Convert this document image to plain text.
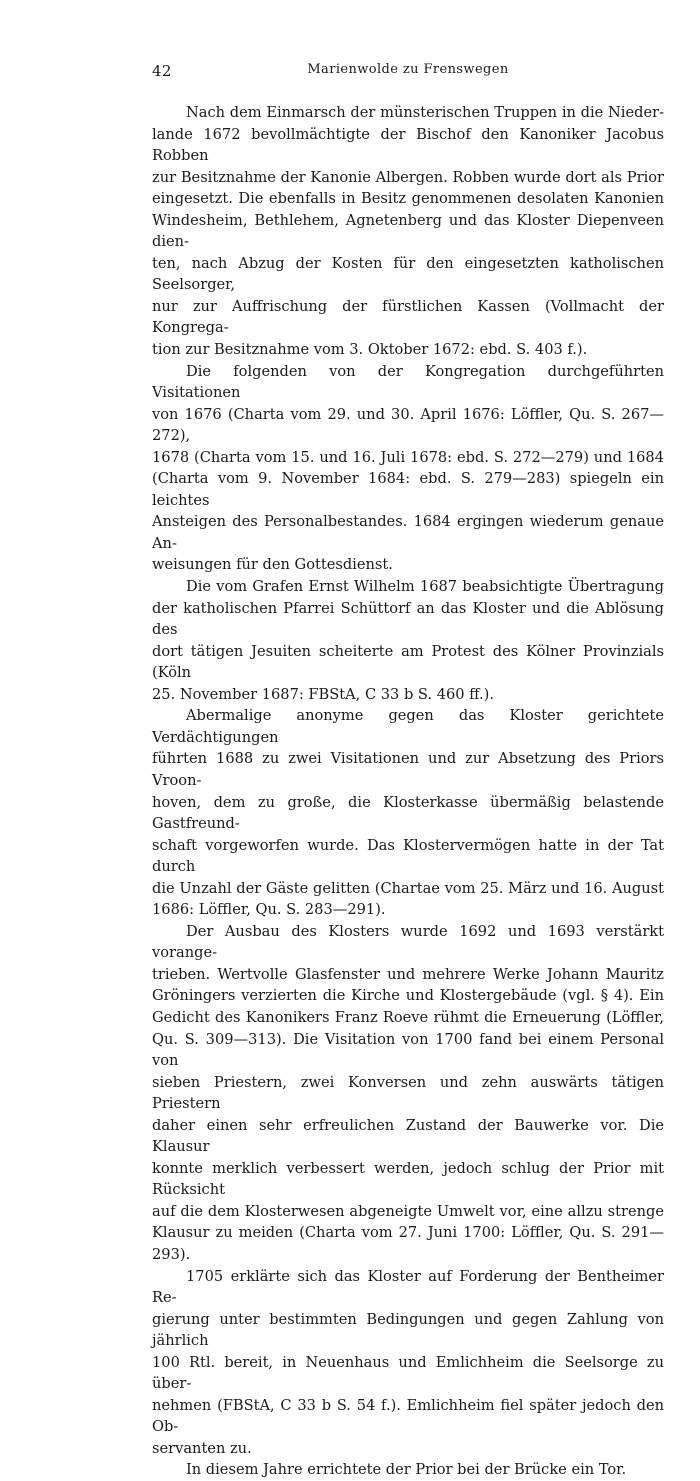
42	Marienwolde zu Frenswegen

Nach dem Einmarsch der münsterischen Truppen in die Nieder-
lande 1672 bevollmächtigte der Bischof den Kanoniker Jacobus Robben
zur Besitznahme der Kanonie Albergen. Robben wurde dort als Prior
eingesetzt. Die ebenfalls in Besitz genommenen desolaten Kanonien
Windesheim, Bethlehem, Agnetenberg und das Kloster Diepenveen dien-
ten, nach Abzug der Kosten für den eingesetzten katholischen Seelsorger,
nur zur Auffrischung der fürstlichen Kassen (Vollmacht der Kongrega-
tion zur Besitznahme vom 3. Oktober 1672: ebd. S. 403 f.).

Die folgenden von der Kongregation durchgeführten Visitationen
von 1676 (Charta vom 29. und 30. April 1676: Löffler, Qu. S. 267—272),
1678 (Charta vom 15. und 16. Juli 1678: ebd. S. 272—279) und 1684
(Charta vom 9. November 1684: ebd. S. 279—283) spiegeln ein leichtes
Ansteigen des Personalbestandes. 1684 ergingen wiederum genaue An-
weisungen für den Gottesdienst.

Die vom Grafen Ernst Wilhelm 1687 beabsichtigte Übertragung
der katholischen Pfarrei Schüttorf an das Kloster und die Ablösung des
dort tätigen Jesuiten scheiterte am Protest des Kölner Provinzials (Köln
25. November 1687: FBStA, C 33 b S. 460 ff.).

Abermalige anonyme gegen das Kloster gerichtete Verdächtigungen
führten 1688 zu zwei Visitationen und zur Absetzung des Priors Vroon-
hoven, dem zu große, die Klosterkasse übermäßig belastende Gastfreund-
schaft vorgeworfen wurde. Das Klostervermögen hatte in der Tat durch
die Unzahl der Gäste gelitten (Chartae vom 25. März und 16. August
1686: Löffler, Qu. S. 283—291).

Der Ausbau des Klosters wurde 1692 und 1693 verstärkt vorange-
trieben. Wertvolle Glasfenster und mehrere Werke Johann Mauritz
Gröningers verzierten die Kirche und Klostergebäude (vgl. § 4). Ein
Gedicht des Kanonikers Franz Roeve rühmt die Erneuerung (Löffler,
Qu. S. 309—313). Die Visitation von 1700 fand bei einem Personal von
sieben Priestern, zwei Konversen und zehn auswärts tätigen Priestern
daher einen sehr erfreulichen Zustand der Bauwerke vor. Die Klausur
konnte merklich verbessert werden, jedoch schlug der Prior mit Rücksicht
auf die dem Klosterwesen abgeneigte Umwelt vor, eine allzu strenge
Klausur zu meiden (Charta vom 27. Juni 1700: Löffler, Qu. S. 291—
293).

1705 erklärte sich das Kloster auf Forderung der Bentheimer Re-
gierung unter bestimmten Bedingungen und gegen Zahlung von jährlich
100 Rtl. bereit, in Neuenhaus und Emlichheim die Seelsorge zu über-
nehmen (FBStA, C 33 b S. 54 f.). Emlichheim fiel später jedoch den Ob-
servanten zu.

In diesem Jahre errichtete der Prior bei der Brücke ein Tor.
